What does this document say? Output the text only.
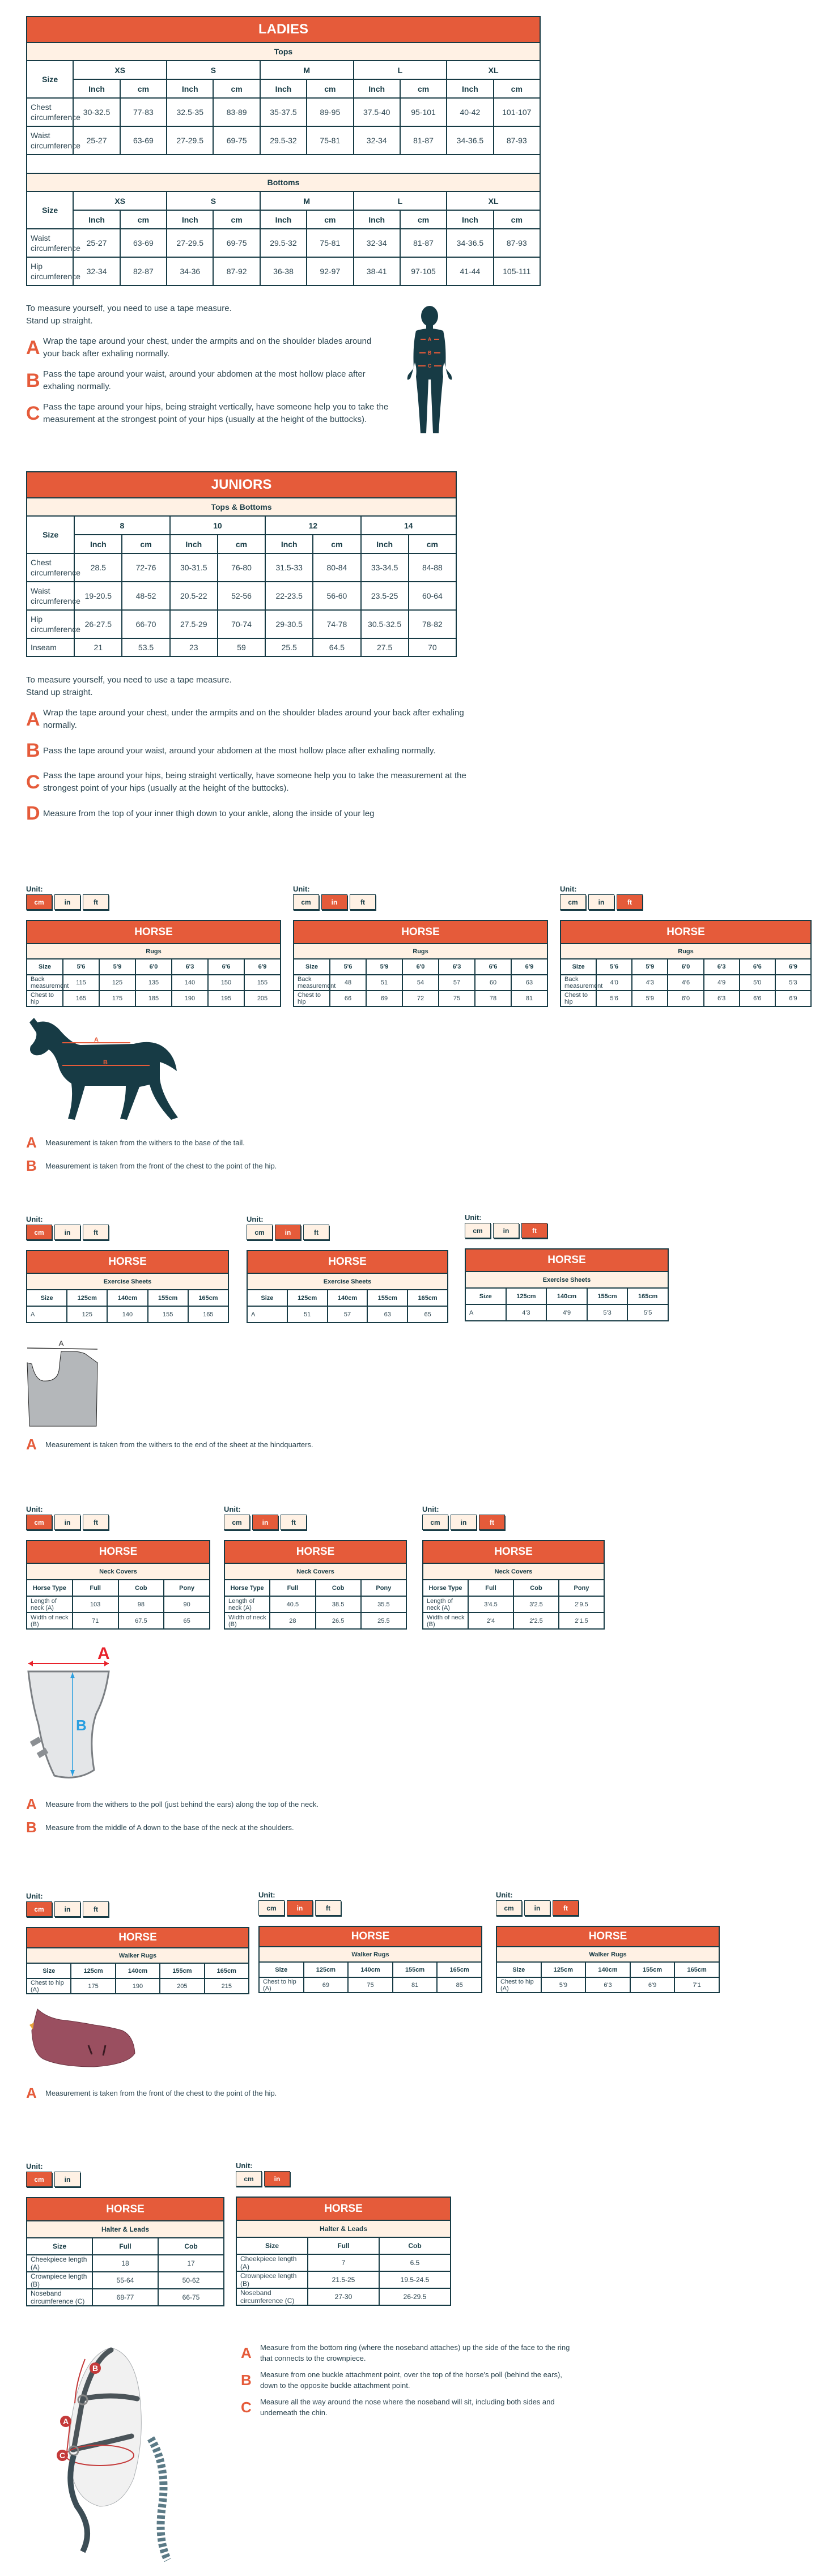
LADIES										
Tops										
Size	XS		S		M		L		XL	
	Inch	cm	Inch	cm	Inch	cm	Inch	cm	Inch	cm
Chest circumference	30-32.5	77-83	32.5-35	83-89	35-37.5	89-95	37.5-40	95-101	40-42	101-107
Waist circumference	25-27	63-69	27-29.5	69-75	29.5-32	75-81	32-34	81-87	34-36.5	87-93

Bottoms										
Size	XS		S		M		L		XL	
	Inch	cm	Inch	cm	Inch	cm	Inch	cm	Inch	cm
Waist circumference	25-27	63-69	27-29.5	69-75	29.5-32	75-81	32-34	81-87	34-36.5	87-93
Hip circumference	32-34	82-87	34-36	87-92	36-38	92-97	38-41	97-105	41-44	105-111
To measure yourself, you need to use a tape measure.
Stand up straight.
A Wrap the tape around your chest, under the armpits and on the shoulder blades around your back after exhaling normally.
B Pass the tape around your waist, around your abdomen at the most hollow place after exhaling normally.
C Pass the tape around your hips, being straight vertically, have someone help you to take the measurement at the strongest point of your hips (usually at the height of the buttocks).
A
B
C
JUNIORS								
Tops & Bottoms								
Size	8		10		12		14	
	Inch	cm	Inch	cm	Inch	cm	Inch	cm
Chest circumference	28.5	72-76	30-31.5	76-80	31.5-33	80-84	33-34.5	84-88
Waist circumference	19-20.5	48-52	20.5-22	52-56	22-23.5	56-60	23.5-25	60-64
Hip circumference	26-27.5	66-70	27.5-29	70-74	29-30.5	74-78	30.5-32.5	78-82
Inseam	21	53.5	23	59	25.5	64.5	27.5	70
To measure yourself, you need to use a tape measure.
Stand up straight.
A Wrap the tape around your chest, under the armpits and on the shoulder blades around your back after exhaling normally.
B Pass the tape around your waist, around your abdomen at the most hollow place after exhaling normally.
C Pass the tape around your hips, being straight vertically, have someone help you to take the measurement at the strongest point of your hips (usually at the height of the buttocks).
D Measure from the top of your inner thigh down to your ankle, along the inside of your leg
Unit:
cm	in	ft
HORSE						
Rugs						
Size	5'6	5'9	6'0	6'3	6'6	6'9
Back measurement	115	125	135	140	150	155
Chest to hip	165	175	185	190	195	205
Unit:
cm	in	ft
HORSE						
Rugs						
Size	5'6	5'9	6'0	6'3	6'6	6'9
Back measurement	48	51	54	57	60	63
Chest to hip	66	69	72	75	78	81
Unit:
cm	in	ft
HORSE						
Rugs						
Size	5'6	5'9	6'0	6'3	6'6	6'9
Back measurement	4'0	4'3	4'6	4'9	5'0	5'3
Chest to hip	5'6	5'9	6'0	6'3	6'6	6'9
A
B
A	Measurement is taken from the withers to the base of the tail.
B	Measurement is taken from the front of the chest to the point of the hip.
Unit:
cm	in	ft
HORSE				
Exercise Sheets				
Size	125cm	140cm	155cm	165cm
A	125	140	155	165
Unit:
cm	in	ft
HORSE				
Exercise Sheets				
Size	125cm	140cm	155cm	165cm
A	51	57	63	65
Unit:
cm	in	ft
HORSE				
Exercise Sheets				
Size	125cm	140cm	155cm	165cm
A	4'3	4'9	5'3	5'5
A
A	Measurement is taken from the withers to the end of the sheet at the hindquarters.
Unit:
cm	in	ft
HORSE			
Neck Covers			
Horse Type	Full	Cob	Pony
Length of neck (A)	103	98	90
Width of neck (B)	71	67.5	65
Unit:
cm	in	ft
HORSE			
Neck Covers			
Horse Type	Full	Cob	Pony
Length of neck (A)	40.5	38.5	35.5
Width of neck (B)	28	26.5	25.5
Unit:
cm	in	ft
HORSE			
Neck Covers			
Horse Type	Full	Cob	Pony
Length of neck (A)	3'4.5	3'2.5	2'9.5
Width of neck (B)	2'4	2'2.5	2'1.5
A
B
A	Measure from the withers to the poll (just behind the ears) along the top of the neck.
B	Measure from the middle of A down to the base of the neck at the shoulders.
Unit:
cm	in	ft
HORSE				
Walker Rugs				
Size	125cm	140cm	155cm	165cm
Chest to hip (A)	175	190	205	215
Unit:
cm	in	ft
HORSE				
Walker Rugs				
Size	125cm	140cm	155cm	165cm
Chest to hip (A)	69	75	81	85
Unit:
cm	in	ft
HORSE				
Walker Rugs				
Size	125cm	140cm	155cm	165cm
Chest to hip (A)	5'9	6'3	6'9	7'1
A	Measurement is taken from the front of the chest to the point of the hip.
Unit:
cm	in
HORSE		
Halter & Leads		
Size	Full	Cob
Cheekpiece length (A)	18	17
Crownpiece length (B)	55-64	50-62
Noseband circumference (C)	68-77	66-75
Unit:
cm	in
HORSE		
Halter & Leads		
Size	Full	Cob
Cheekpiece length (A)	7	6.5
Crownpiece length (B)	21.5-25	19.5-24.5
Noseband circumference (C)	27-30	26-29.5
A
B
C
A	Measure from the bottom ring (where the noseband attaches) up the side of the face to the ring that connects to the crownpiece.
B	Measure from one buckle attachment point, over the top of the horse's poll (behind the ears), down to the opposite buckle attachment point.
C	Measure all the way around the nose where the noseband will sit, including both sides and underneath the chin.
